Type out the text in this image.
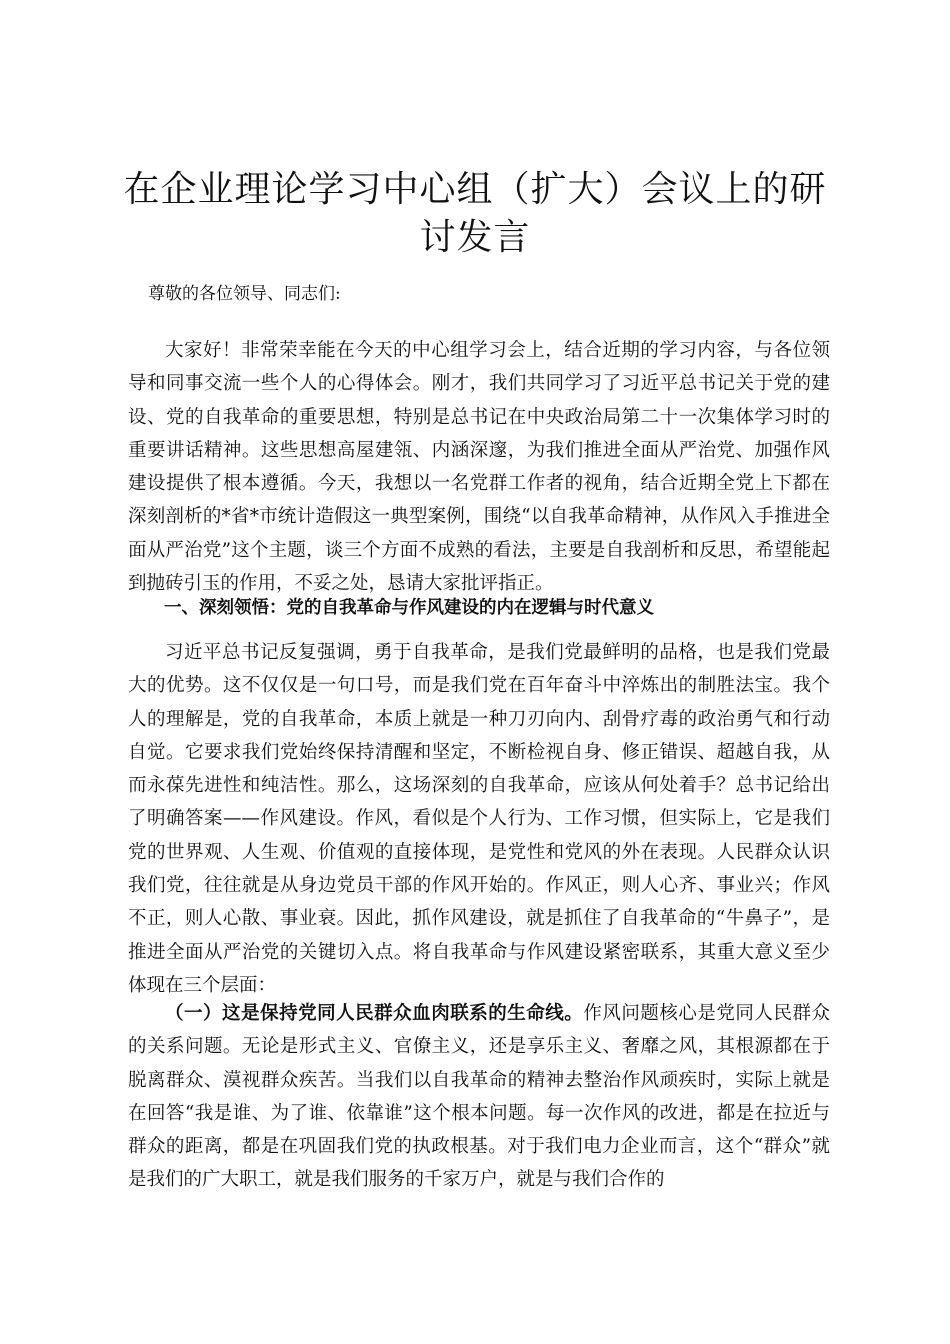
在企业理论学习中心组（扩大）会议上的研讨发言

尊敬的各位领导、同志们:

大家好！非常荣幸能在今天的中心组学习会上，结合近期的学习内容，与各位领导和同事交流一些个人的心得体会。刚才，我们共同学习了习近平总书记关于党的建设、党的自我革命的重要思想，特别是总书记在中央政治局第二十一次集体学习时的重要讲话精神。这些思想高屋建瓴、内涵深邃，为我们推进全面从严治党、加强作风建设提供了根本遵循。今天，我想以一名党群工作者的视角，结合近期全党上下都在深刻剖析的*省*市统计造假这一典型案例，围绕“以自我革命精神，从作风入手推进全面从严治党”这个主题，谈三个方面不成熟的看法，主要是自我剖析和反思，希望能起到抛砖引玉的作用，不妥之处，恳请大家批评指正。

一、深刻领悟：党的自我革命与作风建设的内在逻辑与时代意义

习近平总书记反复强调，勇于自我革命，是我们党最鲜明的品格，也是我们党最大的优势。这不仅仅是一句口号，而是我们党在百年奋斗中淬炼出的制胜法宝。我个人的理解是，党的自我革命，本质上就是一种刀刃向内、刮骨疗毒的政治勇气和行动自觉。它要求我们党始终保持清醒和坚定，不断检视自身、修正错误、超越自我，从而永葆先进性和纯洁性。那么，这场深刻的自我革命，应该从何处着手？总书记给出了明确答案——作风建设。作风，看似是个人行为、工作习惯，但实际上，它是我们党的世界观、人生观、价值观的直接体现，是党性和党风的外在表现。人民群众认识我们党，往往就是从身边党员干部的作风开始的。作风正，则人心齐、事业兴；作风不正，则人心散、事业衰。因此，抓作风建设，就是抓住了自我革命的“牛鼻子”，是推进全面从严治党的关键切入点。将自我革命与作风建设紧密联系，其重大意义至少体现在三个层面：

（一）这是保持党同人民群众血肉联系的生命线。作风问题核心是党同人民群众的关系问题。无论是形式主义、官僚主义，还是享乐主义、奢靡之风，其根源都在于脱离群众、漠视群众疾苦。当我们以自我革命的精神去整治作风顽疾时，实际上就是在回答“我是谁、为了谁、依靠谁”这个根本问题。每一次作风的改进，都是在拉近与群众的距离，都是在巩固我们党的执政根基。对于我们电力企业而言，这个“群众”就是我们的广大职工，就是我们服务的千家万户，就是与我们合作的
